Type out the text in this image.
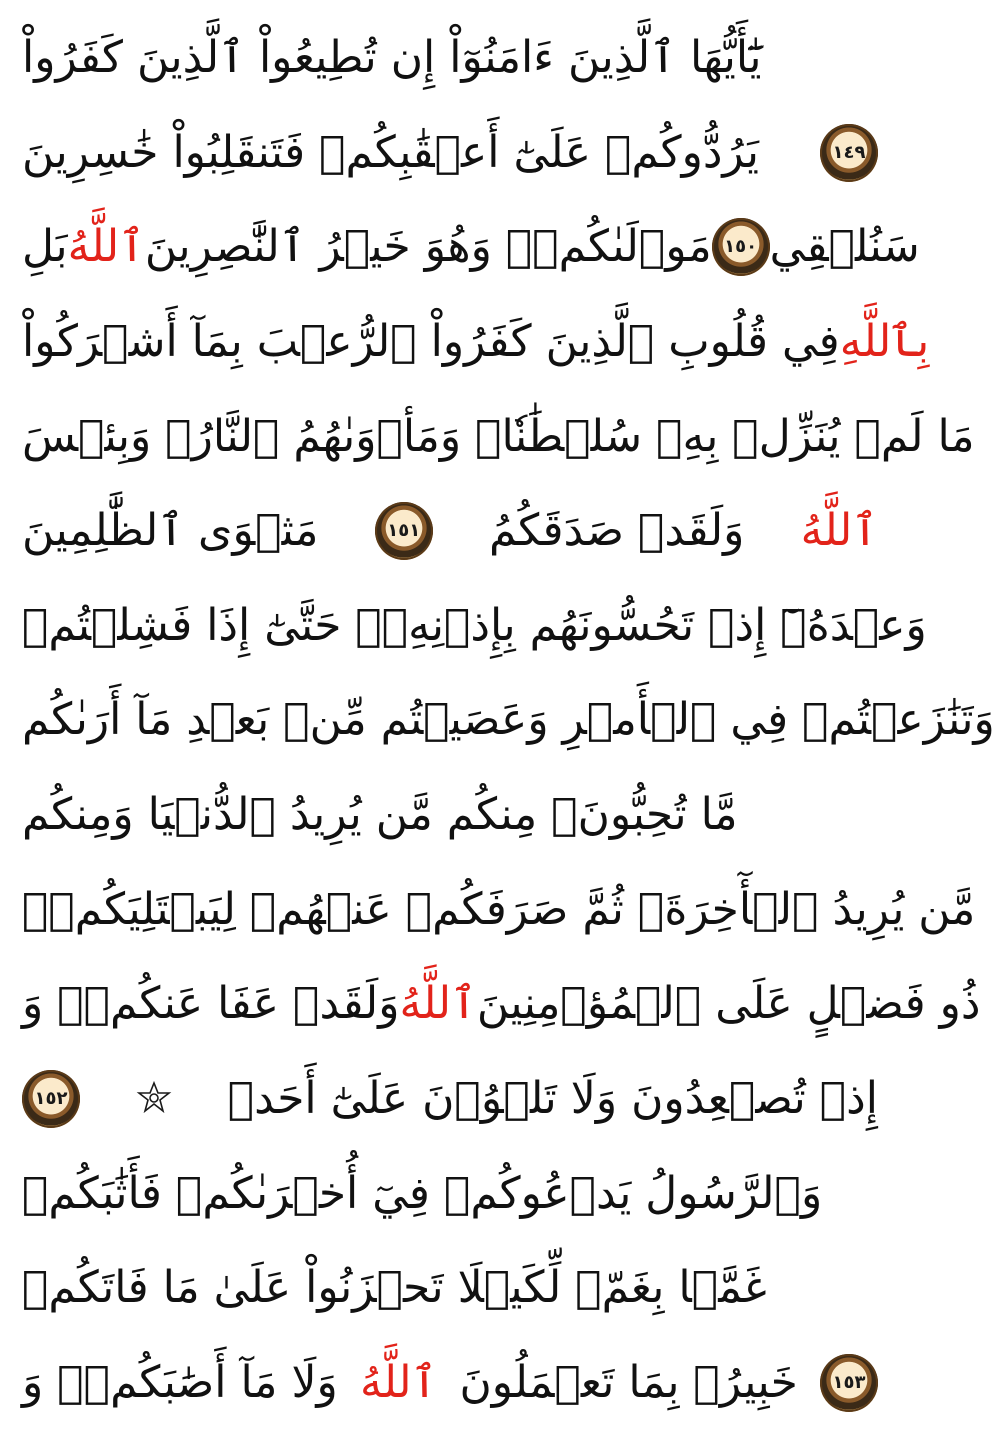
يَٰٓأَيُّهَا ٱلَّذِينَ ءَامَنُوٓاْ إِن تُطِيعُواْ ٱلَّذِينَ كَفَرُواْ
يَرُدُّوكُمۡ عَلَىٰٓ أَعۡقَٰبِكُمۡ فَتَنقَلِبُواْ خَٰسِرِينَ	١٤٩
بَلِ ٱللَّهُ مَوۡلَىٰكُمۡۖ وَهُوَ خَيۡرُ ٱلنَّٰصِرِينَ ١٥٠ سَنُلۡقِي
فِي قُلُوبِ ٱلَّذِينَ كَفَرُواْ ٱلرُّعۡبَ بِمَآ أَشۡرَكُواْ بِٱللَّهِ
مَا لَمۡ يُنَزِّلۡ بِهِۦ سُلۡطَٰنٗاۖ وَمَأۡوَىٰهُمُ ٱلنَّارُۖ وَبِئۡسَ
مَثۡوَى ٱلظَّٰلِمِينَ	١٥١ وَلَقَدۡ صَدَقَكُمُ ٱللَّهُ
وَعۡدَهُۥٓ إِذۡ تَحُسُّونَهُم بِإِذۡنِهِۦۖ حَتَّىٰٓ إِذَا فَشِلۡتُمۡ
وَتَنَٰزَعۡتُمۡ فِي ٱلۡأَمۡرِ وَعَصَيۡتُم مِّنۢ بَعۡدِ مَآ أَرَىٰكُم
مَّا تُحِبُّونَۚ مِنكُم مَّن يُرِيدُ ٱلدُّنۡيَا وَمِنكُم
مَّن يُرِيدُ ٱلۡأٓخِرَةَۚ ثُمَّ صَرَفَكُمۡ عَنۡهُمۡ لِيَبۡتَلِيَكُمۡۖ
وَلَقَدۡ عَفَا عَنكُمۡۗ وَ ٱللَّهُ ذُو فَضۡلٍ عَلَى ٱلۡمُؤۡمِنِينَ
١٥٢	إِذۡ تُصۡعِدُونَ وَلَا تَلۡوُۥنَ عَلَىٰٓ أَحَدٖ
وَٱلرَّسُولُ يَدۡعُوكُمۡ فِيٓ أُخۡرَىٰكُمۡ فَأَثَٰبَكُمۡ
غَمَّۢا بِغَمّٖ لِّكَيۡلَا تَحۡزَنُواْ عَلَىٰ مَا فَاتَكُمۡ
وَلَا مَآ أَصَٰبَكُمۡۗ وَ ٱللَّهُ خَبِيرُۢ بِمَا تَعۡمَلُونَ	١٥٣
